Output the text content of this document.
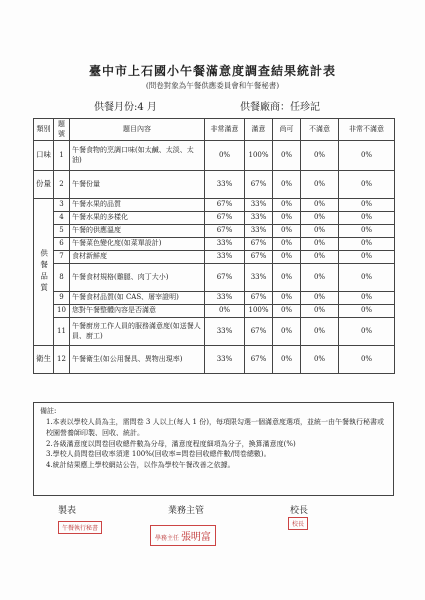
臺中市上石國小午餐滿意度調查結果統計表
(問卷對象為午餐供應委員會和午餐秘書)
供餐月份:4 月	供餐廠商：任珍記
類別	題號	題目內容	非常滿意	滿意	尚可	不滿意	非常不滿意
口味	1	午餐食物的烹調口味(如太鹹、太淡、太油)	0%	100%	0%	0%	0%
份量	2	午餐份量	33%	67%	0%	0%	0%
供餐品質	3	午餐水果的品質	67%	33%	0%	0%	0%
	4	午餐水果的多樣化	67%	33%	0%	0%	0%
	5	午餐的供應溫度	67%	33%	0%	0%	0%
	6	午餐菜色變化度(如菜單設計)	33%	67%	0%	0%	0%
	7	食材新鮮度	33%	67%	0%	0%	0%
	8	午餐食材規格(雞腿、肉丁大小)	67%	33%	0%	0%	0%
	9	午餐食材品質(如 CAS、屠宰證明)	33%	67%	0%	0%	0%
	10	您對午餐整體內容是否滿意	0%	100%	0%	0%	0%
	11	午餐廚房工作人員的服務滿意度(如送餐人員、廚工)	33%	67%	0%	0%	0%
衛生	12	午餐衛生(如公用餐具、異物出現率)	33%	67%	0%	0%	0%
備註:
1.本表以學校人員為主，需問卷 3 人以上(每人 1 份)，每項限勾選一個滿意度選項，並統一由午餐執行秘書或校園營養師印製、回收、統計。
2.各級滿意度以問卷回收總件數為分母，滿意度程度細項為分子，換算滿意度(%)
3.學校人員問卷回收率須達 100%(回收率=問卷回收總件數/問卷總數)。
4.統計結果應上學校網站公告，以作為學校午餐改善之依據。
製表	業務主管	校長
午餐執行秘書
學務主任 張明富
校長
